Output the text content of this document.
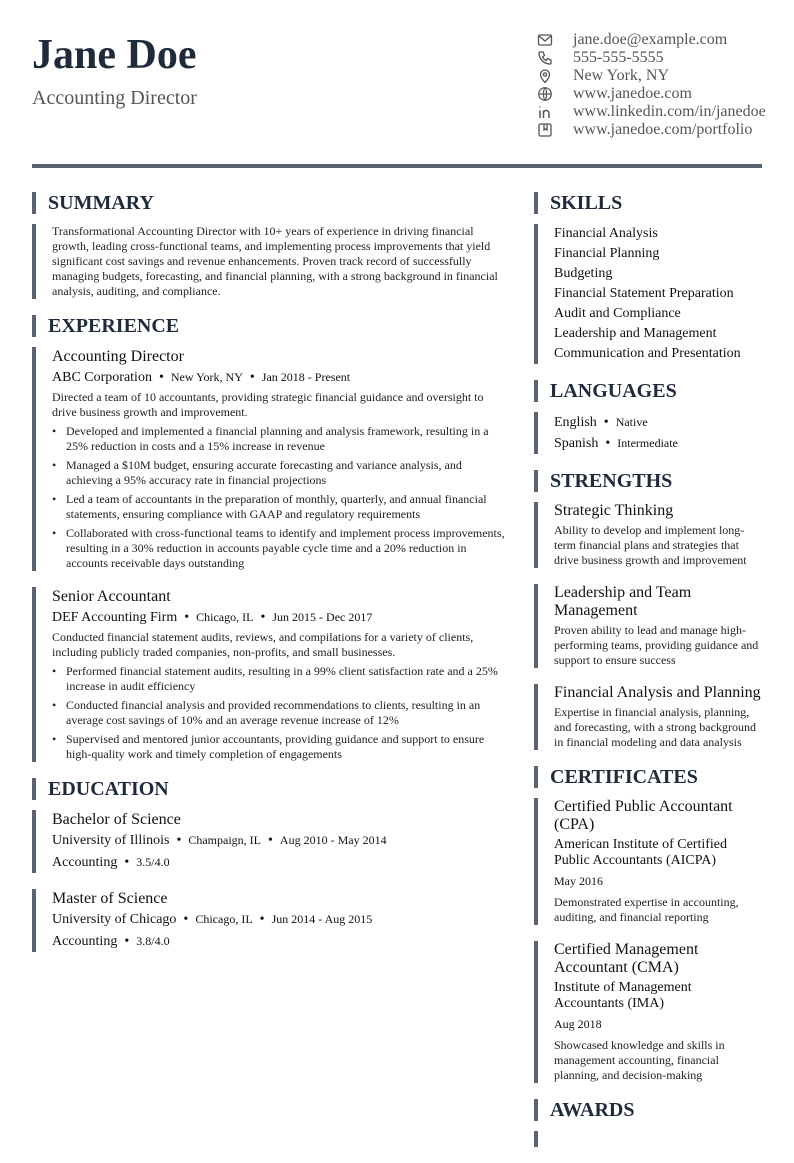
Jane Doe
Accounting Director
jane.doe@example.com
555-555-5555
New York, NY
www.janedoe.com
www.linkedin.com/in/janedoe
www.janedoe.com/portfolio
SUMMARY
Transformational Accounting Director with 10+ years of experience in driving financial growth, leading cross-functional teams, and implementing process improvements that yield significant cost savings and revenue enhancements. Proven track record of successfully managing budgets, forecasting, and financial planning, with a strong background in financial analysis, auditing, and compliance.
EXPERIENCE
Accounting Director
ABC Corporation • New York, NY • Jan 2018 - Present
Directed a team of 10 accountants, providing strategic financial guidance and oversight to drive business growth and improvement.
• Developed and implemented a financial planning and analysis framework, resulting in a 25% reduction in costs and a 15% increase in revenue
• Managed a $10M budget, ensuring accurate forecasting and variance analysis, and achieving a 95% accuracy rate in financial projections
• Led a team of accountants in the preparation of monthly, quarterly, and annual financial statements, ensuring compliance with GAAP and regulatory requirements
• Collaborated with cross-functional teams to identify and implement process improvements, resulting in a 30% reduction in accounts payable cycle time and a 20% reduction in accounts receivable days outstanding
Senior Accountant
DEF Accounting Firm • Chicago, IL • Jun 2015 - Dec 2017
Conducted financial statement audits, reviews, and compilations for a variety of clients, including publicly traded companies, non-profits, and small businesses.
• Performed financial statement audits, resulting in a 99% client satisfaction rate and a 25% increase in audit efficiency
• Conducted financial analysis and provided recommendations to clients, resulting in an average cost savings of 10% and an average revenue increase of 12%
• Supervised and mentored junior accountants, providing guidance and support to ensure high-quality work and timely completion of engagements
EDUCATION
Bachelor of Science
University of Illinois • Champaign, IL • Aug 2010 - May 2014
Accounting • 3.5/4.0
Master of Science
University of Chicago • Chicago, IL • Jun 2014 - Aug 2015
Accounting • 3.8/4.0
SKILLS
Financial Analysis
Financial Planning
Budgeting
Financial Statement Preparation
Audit and Compliance
Leadership and Management
Communication and Presentation
LANGUAGES
English • Native
Spanish • Intermediate
STRENGTHS
Strategic Thinking
Ability to develop and implement long-term financial plans and strategies that drive business growth and improvement
Leadership and Team Management
Proven ability to lead and manage high-performing teams, providing guidance and support to ensure success
Financial Analysis and Planning
Expertise in financial analysis, planning, and forecasting, with a strong background in financial modeling and data analysis
CERTIFICATES
Certified Public Accountant (CPA)
American Institute of Certified Public Accountants (AICPA)
May 2016
Demonstrated expertise in accounting, auditing, and financial reporting
Certified Management Accountant (CMA)
Institute of Management Accountants (IMA)
Aug 2018
Showcased knowledge and skills in management accounting, financial planning, and decision-making
AWARDS
